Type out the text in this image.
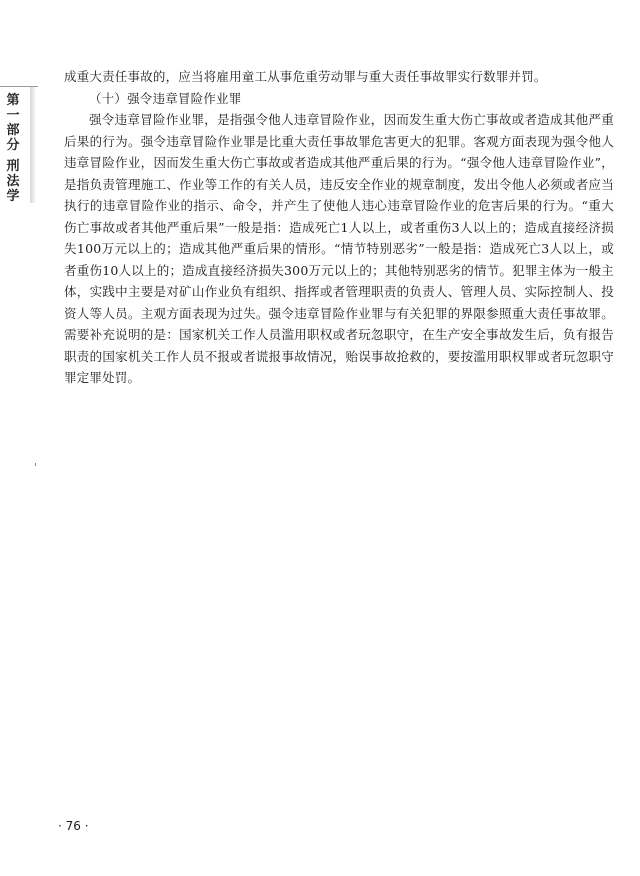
第一部分
刑法学

成重大责任事故的，应当将雇用童工从事危重劳动罪与重大责任事故罪实行数罪并罚。

（十）强令违章冒险作业罪

强令违章冒险作业罪，是指强令他人违章冒险作业，因而发生重大伤亡事故或者造成其他严重后果的行为。强令违章冒险作业罪是比重大责任事故罪危害更大的犯罪。客观方面表现为强令他人违章冒险作业，因而发生重大伤亡事故或者造成其他严重后果的行为。“强令他人违章冒险作业”，是指负责管理施工、作业等工作的有关人员，违反安全作业的规章制度，发出令他人必须或者应当执行的违章冒险作业的指示、命令，并产生了使他人违心违章冒险作业的危害后果的行为。“重大伤亡事故或者其他严重后果”一般是指：造成死亡1人以上，或者重伤3人以上的；造成直接经济损失100万元以上的；造成其他严重后果的情形。“情节特别恶劣”一般是指：造成死亡3人以上，或者重伤10人以上的；造成直接经济损失300万元以上的；其他特别恶劣的情节。犯罪主体为一般主体，实践中主要是对矿山作业负有组织、指挥或者管理职责的负责人、管理人员、实际控制人、投资人等人员。主观方面表现为过失。强令违章冒险作业罪与有关犯罪的界限参照重大责任事故罪。需要补充说明的是：国家机关工作人员滥用职权或者玩忽职守，在生产安全事故发生后，负有报告职责的国家机关工作人员不报或者谎报事故情况，贻误事故抢救的，要按滥用职权罪或者玩忽职守罪定罪处罚。

· 76 ·
